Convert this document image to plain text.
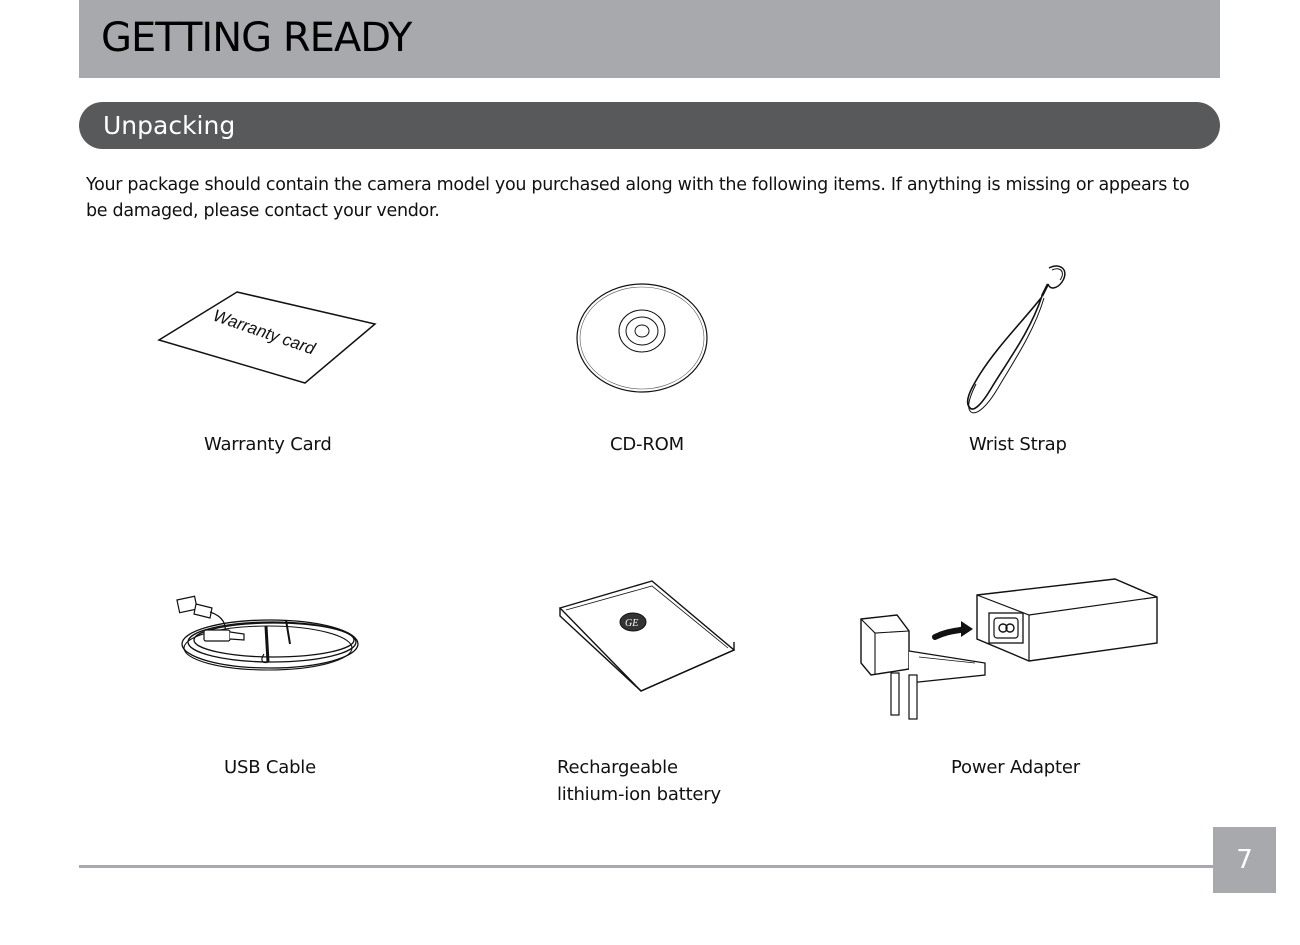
GETTING READY
Unpacking

Your package should contain the camera model you purchased along with the following items. If anything is missing or appears to be damaged, please contact your vendor.

Warranty card
Warranty Card	CD-ROM	Wrist Strap
USB Cable
GE
Rechargeable
lithium-ion battery
Power Adapter
7
